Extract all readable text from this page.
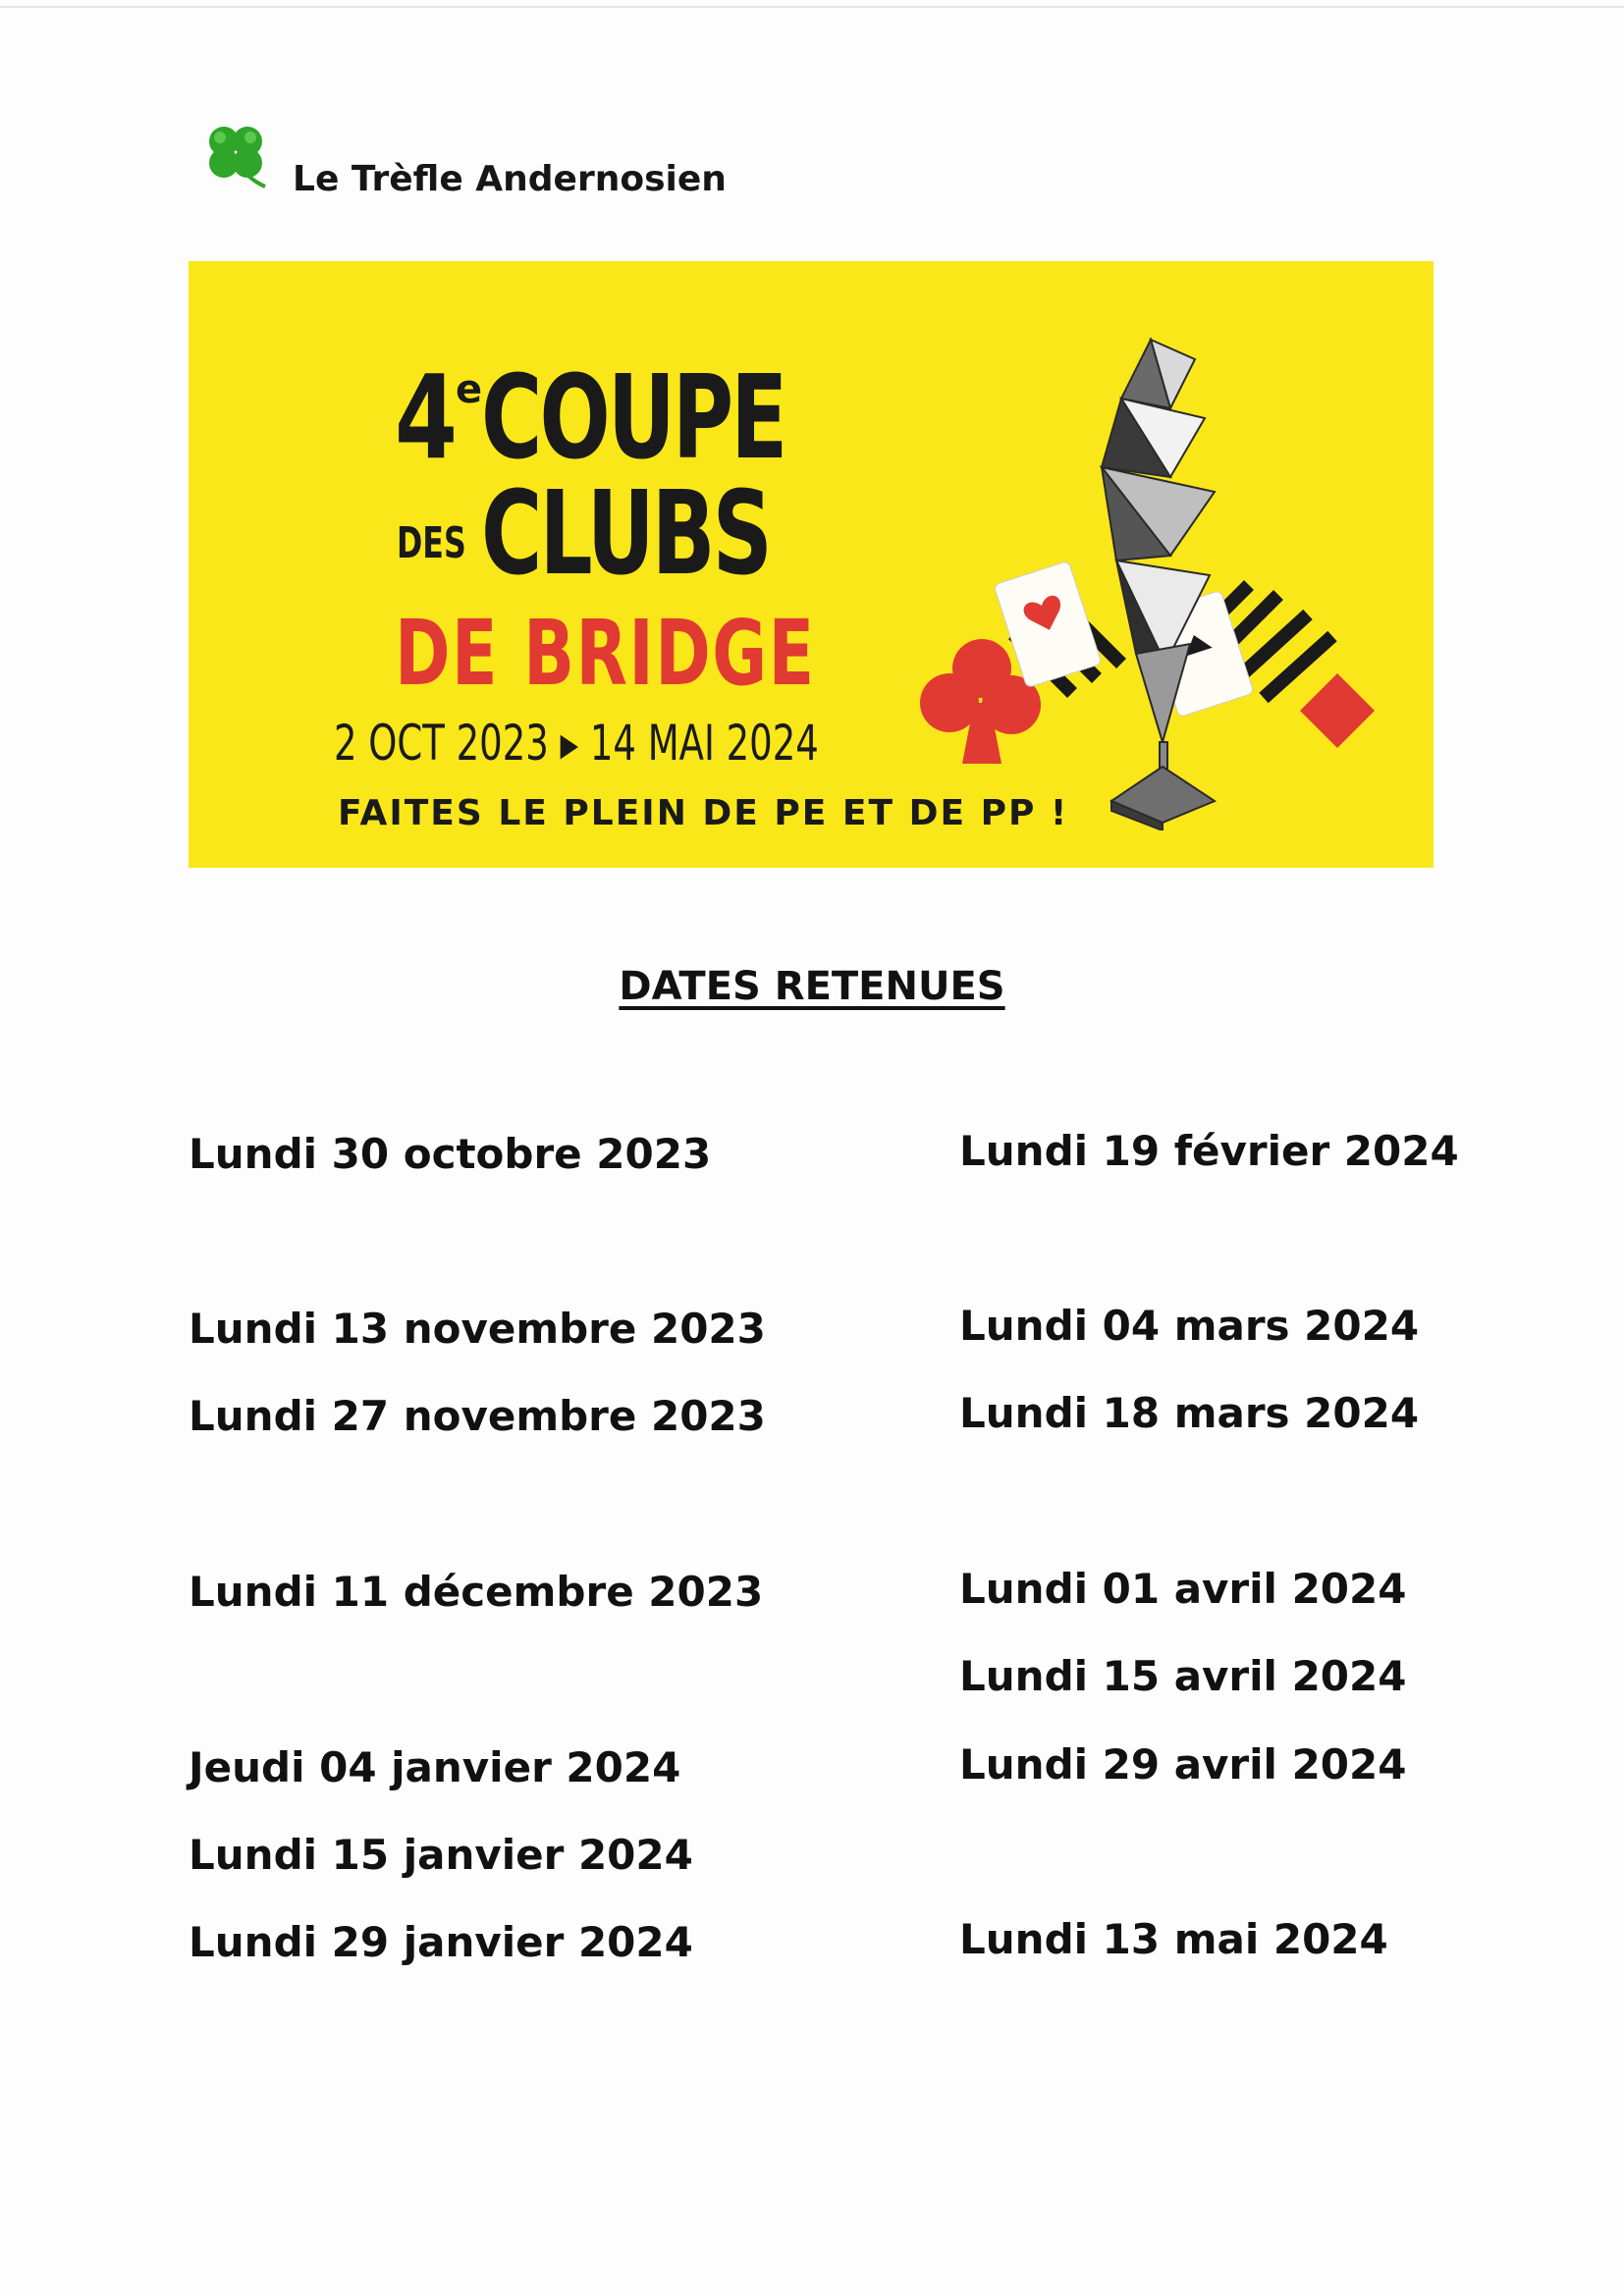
Le Trèfle Andernosien
4 e
COUPE
DES CLUBS
DE BRIDGE
2 OCT 2023 ▸ 14 MAI 2024
FAITES LE PLEIN DE PE ET DE PP !
DATES RETENUES
Lundi 30 octobre 2023
Lundi 13 novembre 2023
Lundi 27 novembre 2023
Lundi 11 décembre 2023
Jeudi 04 janvier 2024
Lundi 15 janvier 2024
Lundi 29 janvier 2024
Lundi 19 février 2024
Lundi 04 mars 2024
Lundi 18 mars 2024
Lundi 01 avril 2024
Lundi 15 avril 2024
Lundi 29 avril 2024
Lundi 13 mai 2024
